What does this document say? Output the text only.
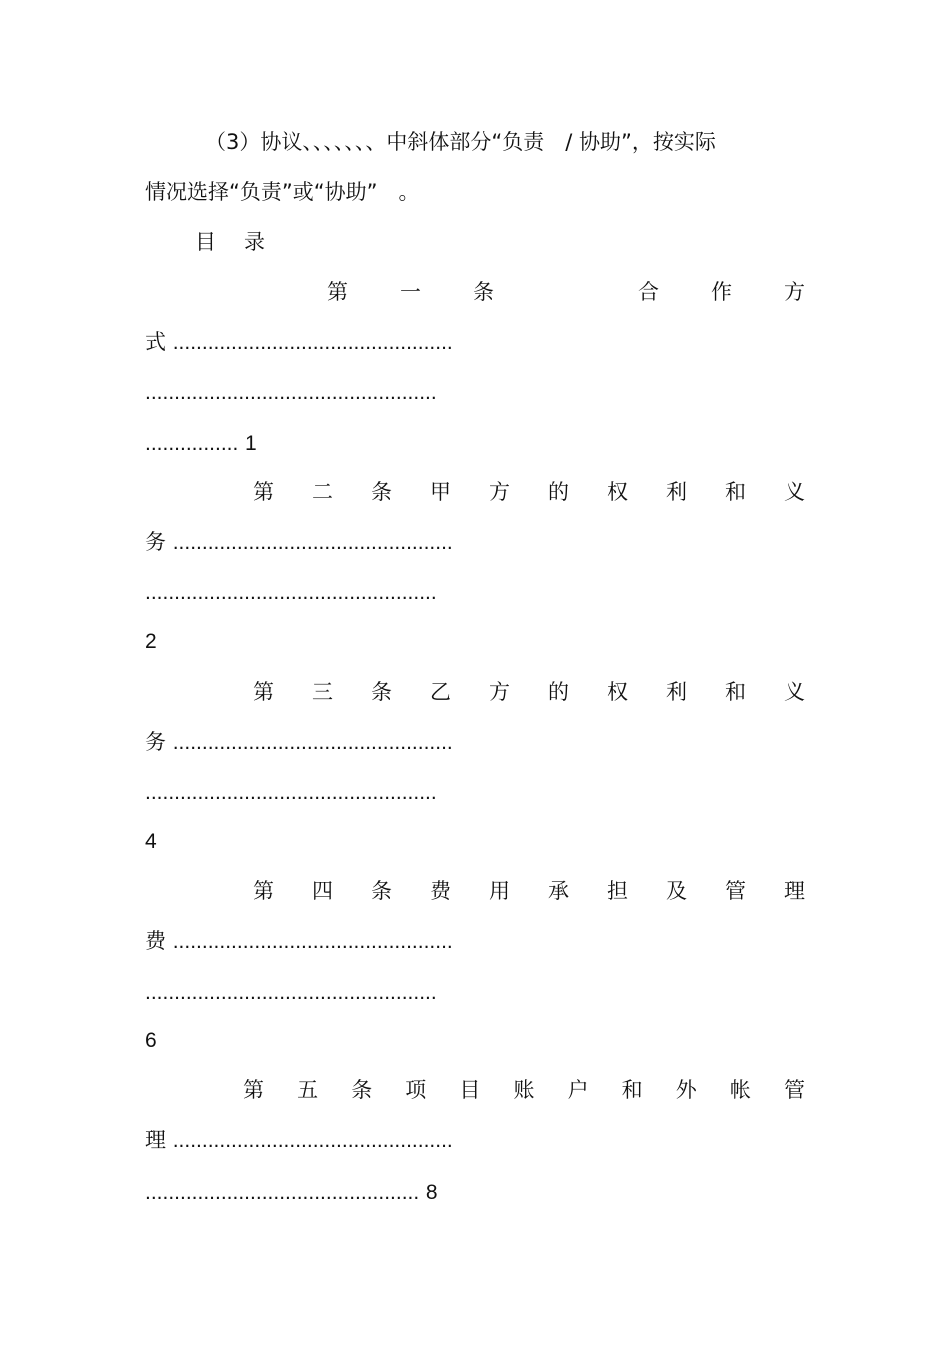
（3）协议、、、、、、、中斜体部分“负责　/ 协助”，按实际
情况选择“负责”或“协助”　。
目录
第 一 条	合 作 方
式 ................................................
..................................................
................ 1
第 二 条 甲 方 的 权 利 和 义
务 ................................................
..................................................
2
第 三 条 乙 方 的 权 利 和 义
务 ................................................
..................................................
4
第 四 条 费 用 承 担 及 管 理
费 ................................................
..................................................
6
第 五 条 项 目 账 户 和 外 帐 管
理 ................................................
............................................... 8
